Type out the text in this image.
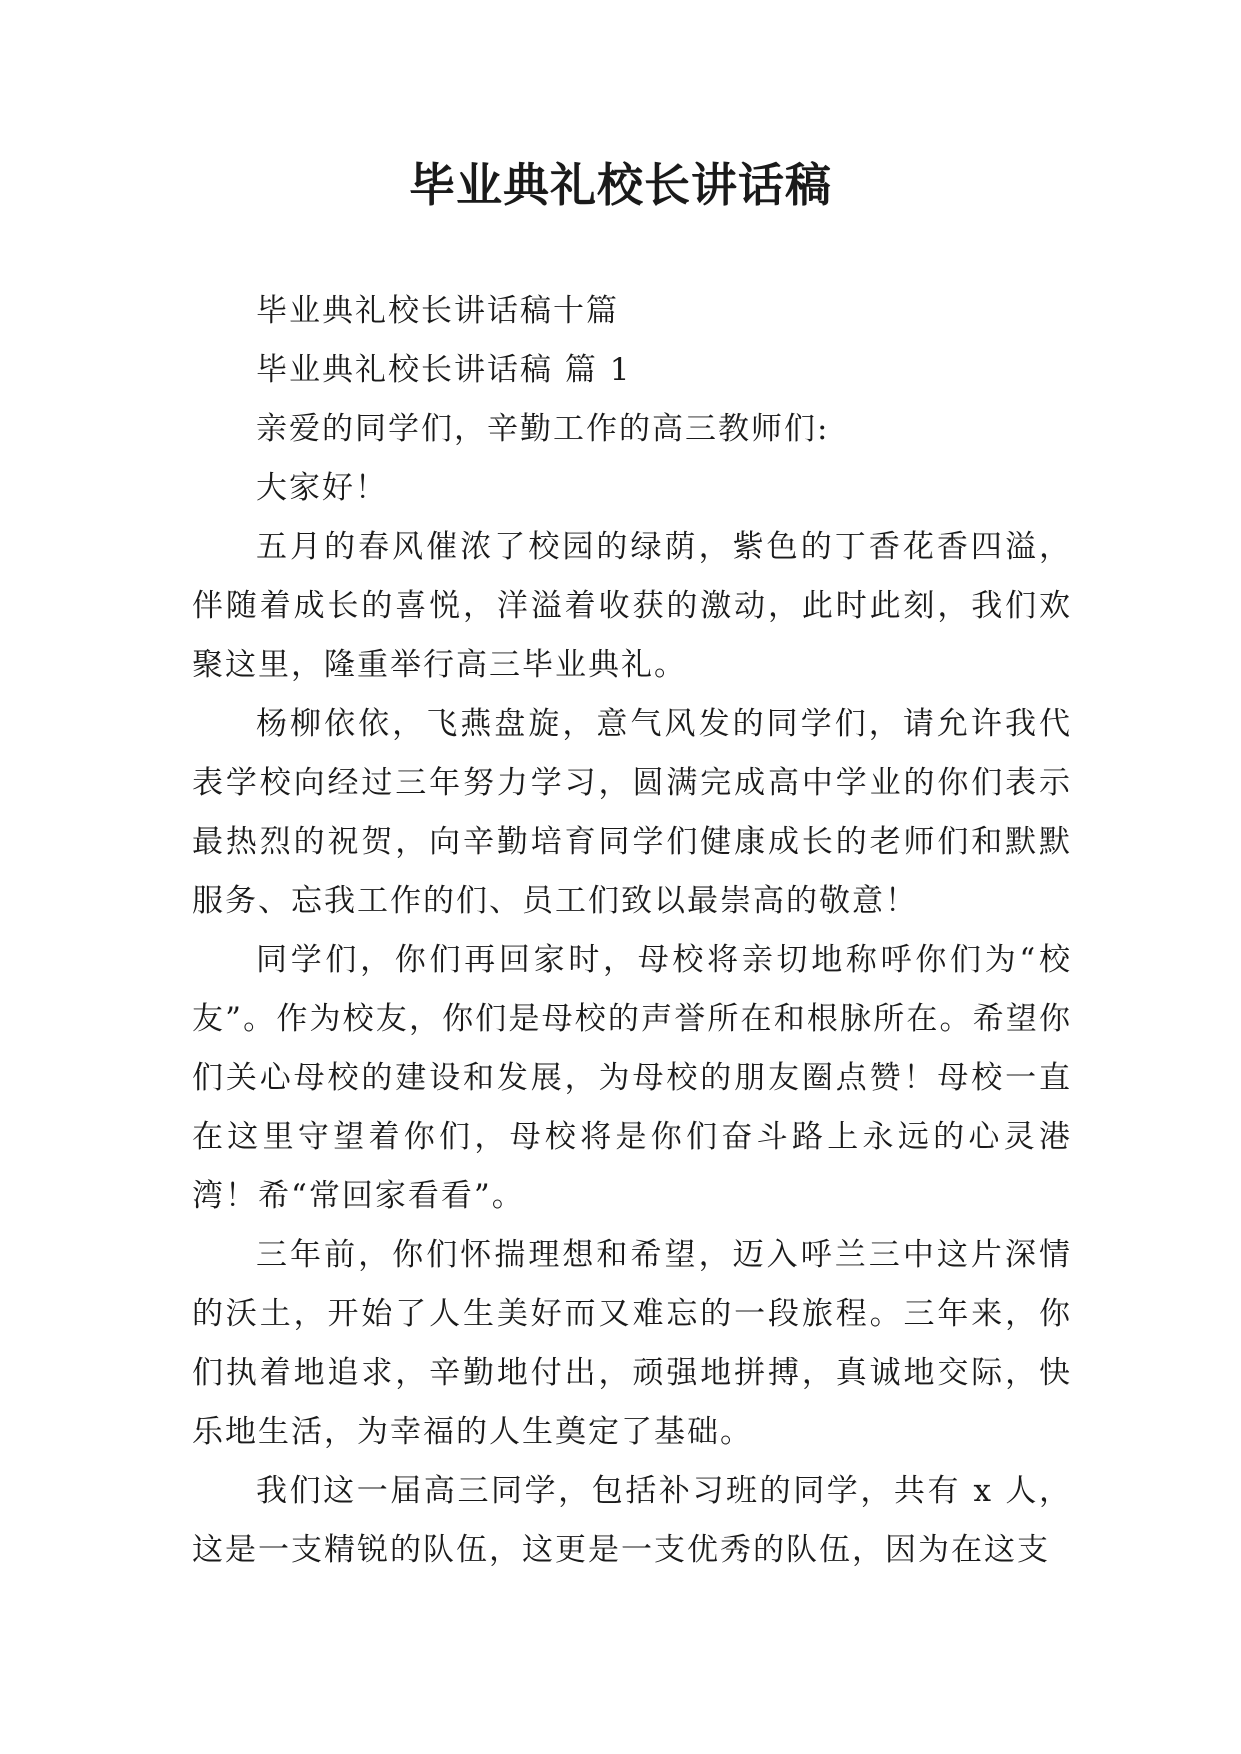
毕业典礼校长讲话稿

毕业典礼校长讲话稿十篇

毕业典礼校长讲话稿 篇 1

亲爱的同学们，辛勤工作的高三教师们:

大家好！

五月的春风催浓了校园的绿荫，紫色的丁香花香四溢，伴随着成长的喜悦，洋溢着收获的激动，此时此刻，我们欢聚这里，隆重举行高三毕业典礼。

杨柳依依，飞燕盘旋，意气风发的同学们，请允许我代表学校向经过三年努力学习，圆满完成高中学业的你们表示最热烈的祝贺，向辛勤培育同学们健康成长的老师们和默默服务、忘我工作的们、员工们致以最崇高的敬意！

同学们，你们再回家时，母校将亲切地称呼你们为“校友”。作为校友，你们是母校的声誉所在和根脉所在。希望你们关心母校的建设和发展，为母校的朋友圈点赞！母校一直在这里守望着你们，母校将是你们奋斗路上永远的心灵港湾！希“常回家看看”。

三年前，你们怀揣理想和希望，迈入呼兰三中这片深情的沃土，开始了人生美好而又难忘的一段旅程。三年来，你们执着地追求，辛勤地付出，顽强地拼搏，真诚地交际，快乐地生活，为幸福的人生奠定了基础。

我们这一届高三同学，包括补习班的同学，共有 x 人，这是一支精锐的队伍，这更是一支优秀的队伍，因为在这支
